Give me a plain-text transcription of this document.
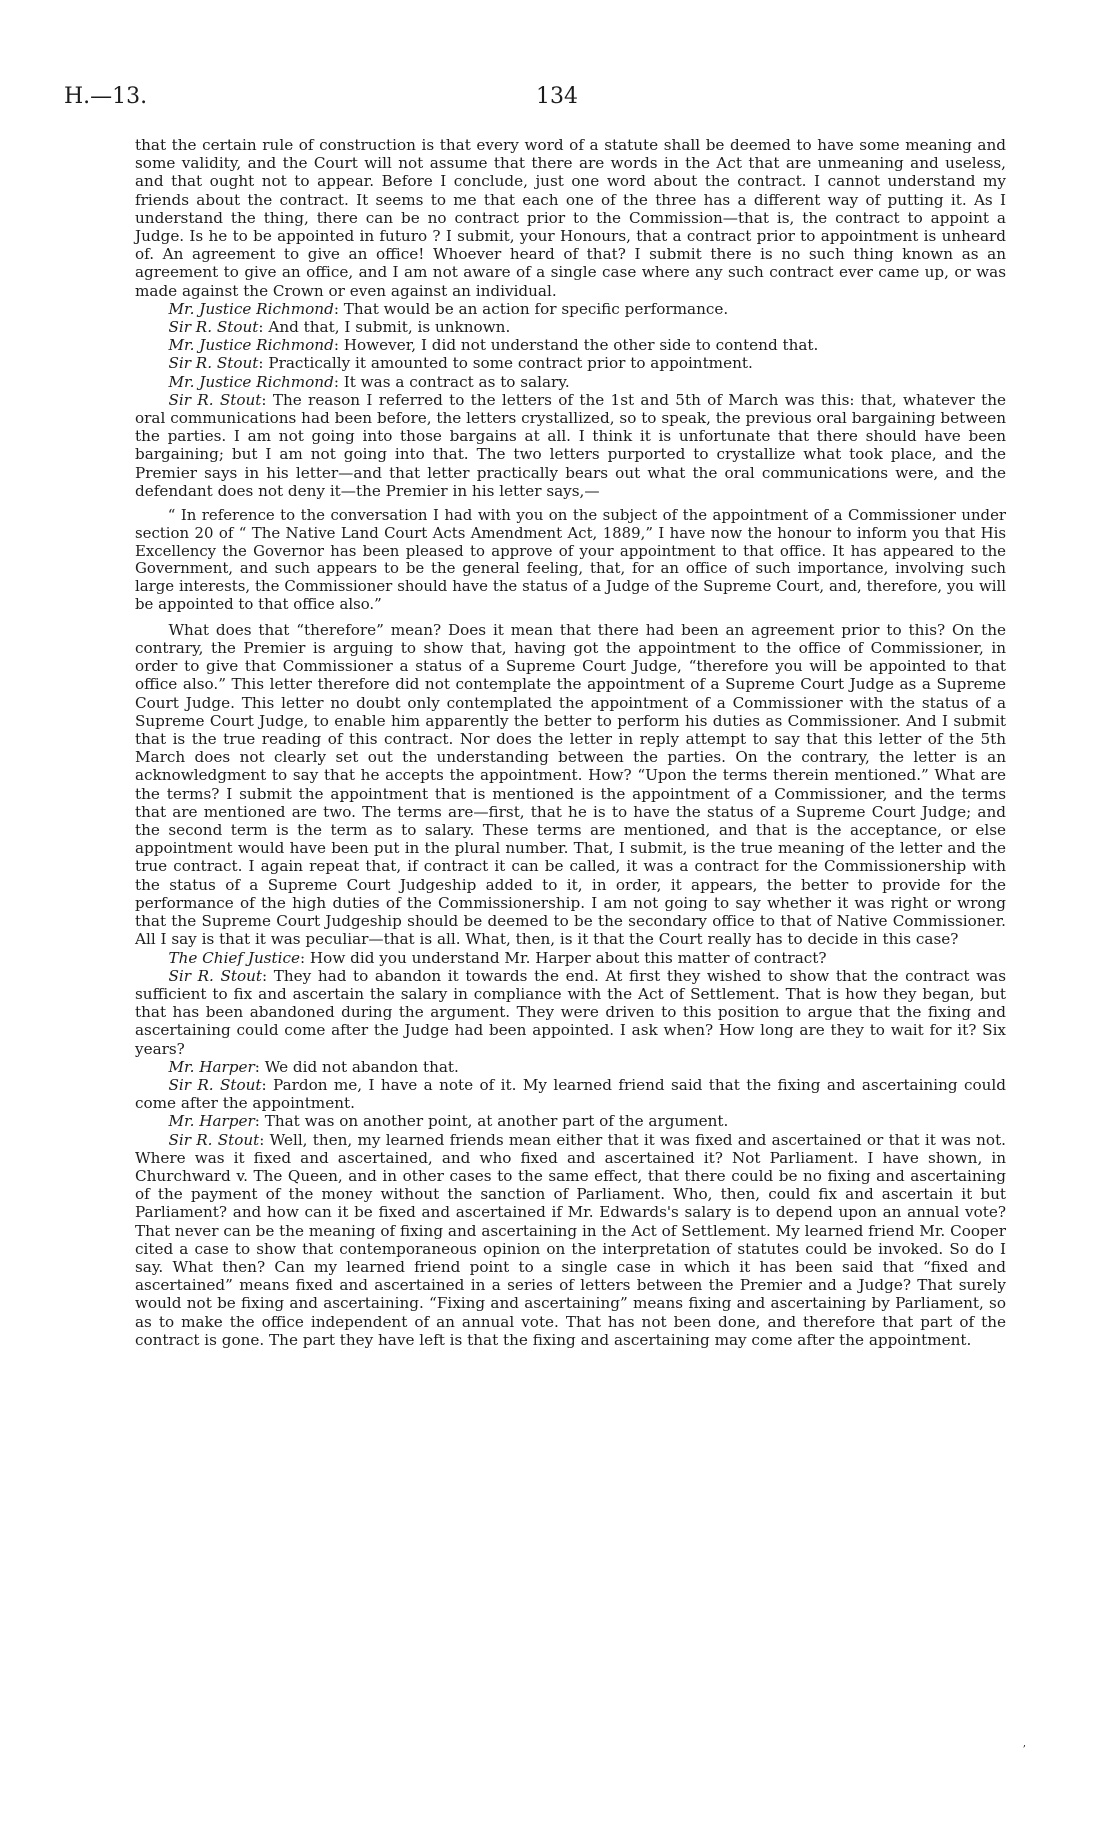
H.—13.	134

that the certain rule of construction is that every word of a statute shall be deemed to have some meaning and some validity, and the Court will not assume that there are words in the Act that are unmeaning and useless, and that ought not to appear. Before I conclude, just one word about the contract. I cannot understand my friends about the contract. It seems to me that each one of the three has a different way of putting it. As I understand the thing, there can be no contract prior to the Commission—that is, the contract to appoint a Judge. Is he to be appointed in futuro ? I submit, your Honours, that a contract prior to appointment is unheard of. An agreement to give an office! Whoever heard of that? I submit there is no such thing known as an agreement to give an office, and I am not aware of a single case where any such contract ever came up, or was made against the Crown or even against an individual.

Mr. Justice Richmond: That would be an action for specific performance.

Sir R. Stout: And that, I submit, is unknown.

Mr. Justice Richmond: However, I did not understand the other side to contend that.

Sir R. Stout: Practically it amounted to some contract prior to appointment.

Mr. Justice Richmond: It was a contract as to salary.

Sir R. Stout: The reason I referred to the letters of the 1st and 5th of March was this: that, whatever the oral communications had been before, the letters crystallized, so to speak, the previous oral bargaining between the parties. I am not going into those bargains at all. I think it is unfortunate that there should have been bargaining; but I am not going into that. The two letters purported to crystallize what took place, and the Premier says in his letter—and that letter practically bears out what the oral communications were, and the defendant does not deny it—the Premier in his letter says,—

“ In reference to the conversation I had with you on the subject of the appointment of a Commissioner under section 20 of “ The Native Land Court Acts Amendment Act, 1889,” I have now the honour to inform you that His Excellency the Governor has been pleased to approve of your appointment to that office. It has appeared to the Government, and such appears to be the general feeling, that, for an office of such importance, involving such large interests, the Commissioner should have the status of a Judge of the Supreme Court, and, therefore, you will be appointed to that office also.”

What does that “therefore” mean? Does it mean that there had been an agreement prior to this? On the contrary, the Premier is arguing to show that, having got the appointment to the office of Commissioner, in order to give that Commissioner a status of a Supreme Court Judge, “therefore you will be appointed to that office also.” This letter therefore did not contemplate the appointment of a Supreme Court Judge as a Supreme Court Judge. This letter no doubt only contemplated the appointment of a Commissioner with the status of a Supreme Court Judge, to enable him apparently the better to perform his duties as Commissioner. And I submit that is the true reading of this contract. Nor does the letter in reply attempt to say that this letter of the 5th March does not clearly set out the understanding between the parties. On the contrary, the letter is an acknowledgment to say that he accepts the appointment. How? “Upon the terms therein mentioned.” What are the terms? I submit the appointment that is mentioned is the appointment of a Commissioner, and the terms that are mentioned are two. The terms are—first, that he is to have the status of a Supreme Court Judge; and the second term is the term as to salary. These terms are mentioned, and that is the acceptance, or else appointment would have been put in the plural number. That, I submit, is the true meaning of the letter and the true contract. I again repeat that, if contract it can be called, it was a contract for the Commissionership with the status of a Supreme Court Judgeship added to it, in order, it appears, the better to provide for the performance of the high duties of the Commissionership. I am not going to say whether it was right or wrong that the Supreme Court Judgeship should be deemed to be the secondary office to that of Native Commissioner. All I say is that it was peculiar—that is all. What, then, is it that the Court really has to decide in this case?

The Chief Justice: How did you understand Mr. Harper about this matter of contract?

Sir R. Stout: They had to abandon it towards the end. At first they wished to show that the contract was sufficient to fix and ascertain the salary in compliance with the Act of Settlement. That is how they began, but that has been abandoned during the argument. They were driven to this position to argue that the fixing and ascertaining could come after the Judge had been appointed. I ask when? How long are they to wait for it? Six years?

Mr. Harper: We did not abandon that.

Sir R. Stout: Pardon me, I have a note of it. My learned friend said that the fixing and ascertaining could come after the appointment.

Mr. Harper: That was on another point, at another part of the argument.

Sir R. Stout: Well, then, my learned friends mean either that it was fixed and ascertained or that it was not. Where was it fixed and ascertained, and who fixed and ascertained it? Not Parliament. I have shown, in Churchward v. The Queen, and in other cases to the same effect, that there could be no fixing and ascertaining of the payment of the money without the sanction of Parliament. Who, then, could fix and ascertain it but Parliament? and how can it be fixed and ascertained if Mr. Edwards's salary is to depend upon an annual vote? That never can be the meaning of fixing and ascertaining in the Act of Settlement. My learned friend Mr. Cooper cited a case to show that contemporaneous opinion on the interpretation of statutes could be invoked. So do I say. What then? Can my learned friend point to a single case in which it has been said that “fixed and ascertained” means fixed and ascertained in a series of letters between the Premier and a Judge? That surely would not be fixing and ascertaining. “Fixing and ascertaining” means fixing and ascertaining by Parliament, so as to make the office independent of an annual vote. That has not been done, and therefore that part of the contract is gone. The part they have left is that the fixing and ascertaining may come after the appointment.

,
